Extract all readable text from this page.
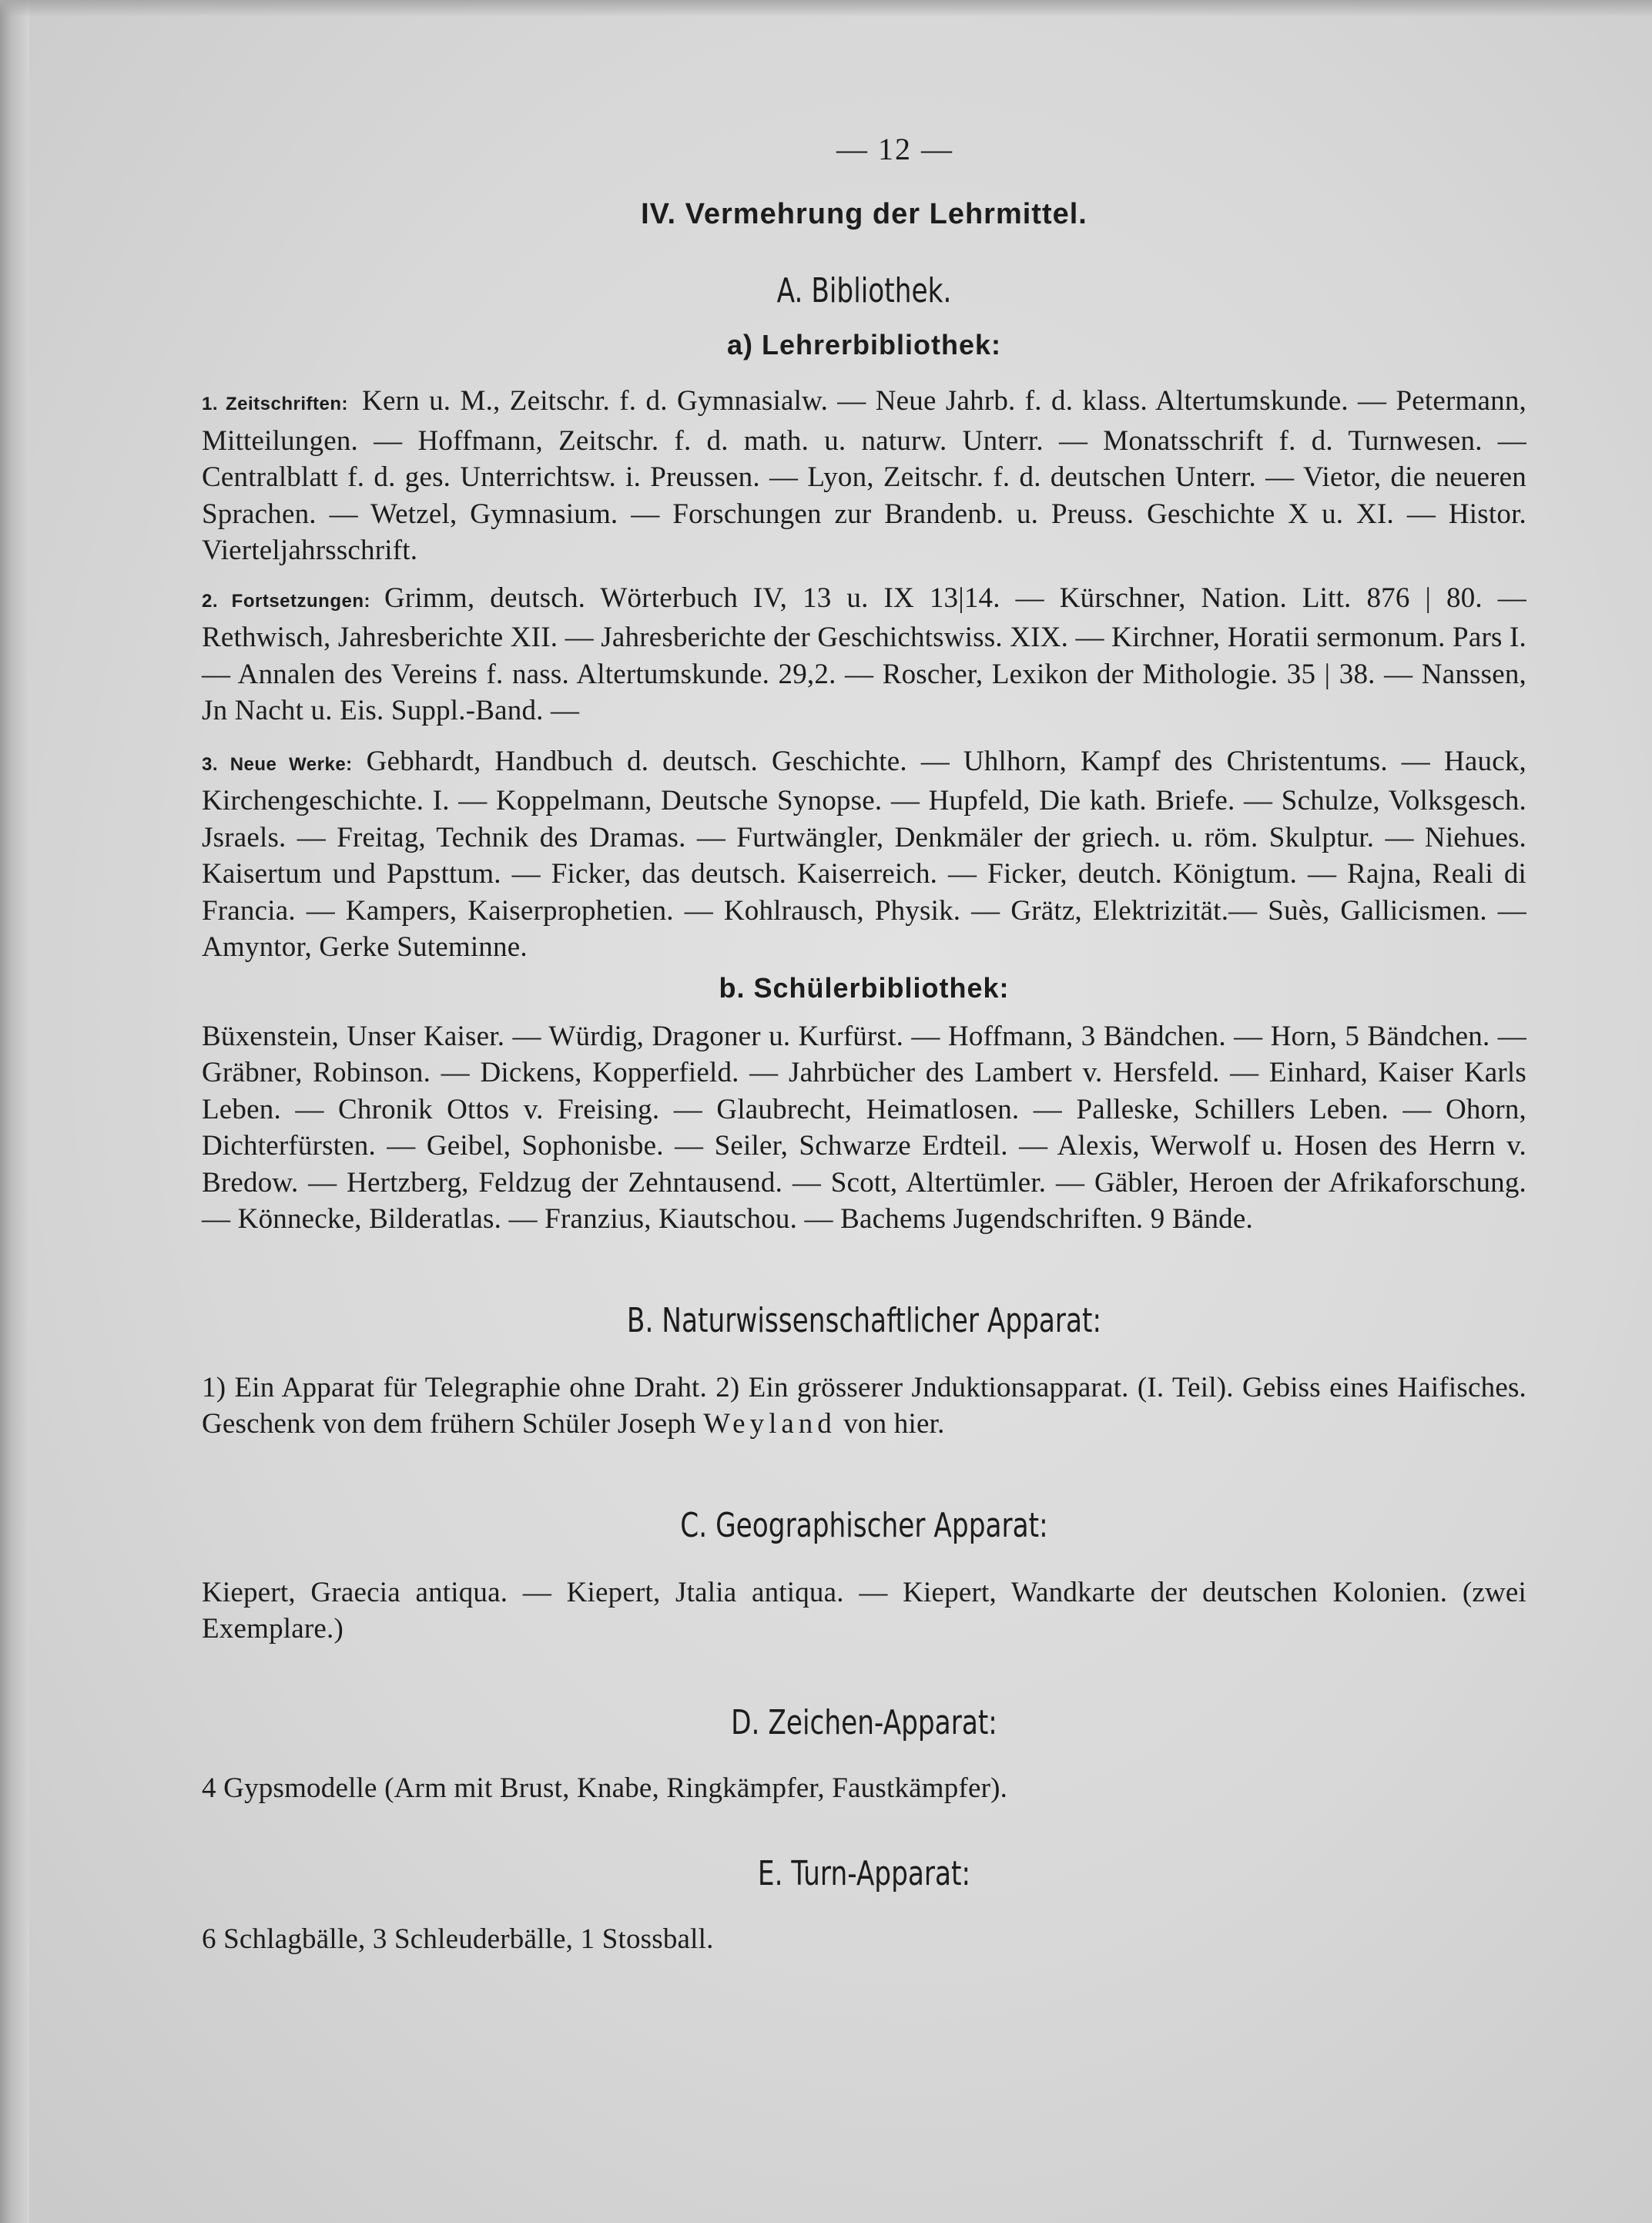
— 12 —
IV. Vermehrung der Lehrmittel.
A. Bibliothek.
a) Lehrerbibliothek:

1. Zeitschriften: Kern u. M., Zeitschr. f. d. Gymnasialw. — Neue Jahrb. f. d. klass. Altertumskunde. — Petermann, Mitteilungen. — Hoffmann, Zeitschr. f. d. math. u. naturw. Unterr. — Monatsschrift f. d. Turnwesen. — Centralblatt f. d. ges. Unterrichtsw. i. Preussen. — Lyon, Zeitschr. f. d. deutschen Unterr. — Vietor, die neueren Sprachen. — Wetzel, Gymnasium. — Forschungen zur Brandenb. u. Preuss. Geschichte X u. XI. — Histor. Vierteljahrsschrift.

2. Fortsetzungen: Grimm, deutsch. Wörterbuch IV, 13 u. IX 13|14. — Kürschner, Nation. Litt. 876 | 80. — Rethwisch, Jahresberichte XII. — Jahresberichte der Geschichtswiss. XIX. — Kirchner, Horatii sermonum. Pars I. — Annalen des Vereins f. nass. Altertumskunde. 29,2. — Roscher, Lexikon der Mithologie. 35 | 38. — Nanssen, Jn Nacht u. Eis. Suppl.-Band. —

3. Neue Werke: Gebhardt, Handbuch d. deutsch. Geschichte. — Uhlhorn, Kampf des Christentums. — Hauck, Kirchengeschichte. I. — Koppelmann, Deutsche Synopse. — Hupfeld, Die kath. Briefe. — Schulze, Volksgesch. Jsraels. — Freitag, Technik des Dramas. — Furtwängler, Denkmäler der griech. u. röm. Skulptur. — Niehues. Kaisertum und Papsttum. — Ficker, das deutsch. Kaiserreich. — Ficker, deutch. Königtum. — Rajna, Reali di Francia. — Kampers, Kaiserprophetien. — Kohlrausch, Physik. — Grätz, Elektrizität.— Suès, Gallicismen. — Amyntor, Gerke Suteminne.

b. Schülerbibliothek:

Büxenstein, Unser Kaiser. — Würdig, Dragoner u. Kurfürst. — Hoffmann, 3 Bändchen. — Horn, 5 Bändchen. — Gräbner, Robinson. — Dickens, Kopperfield. — Jahrbücher des Lambert v. Hersfeld. — Einhard, Kaiser Karls Leben. — Chronik Ottos v. Freising. — Glaubrecht, Heimatlosen. — Palleske, Schillers Leben. — Ohorn, Dichterfürsten. — Geibel, Sophonisbe. — Seiler, Schwarze Erdteil. — Alexis, Werwolf u. Hosen des Herrn v. Bredow. — Hertzberg, Feldzug der Zehntausend. — Scott, Altertümler. — Gäbler, Heroen der Afrikaforschung. — Könnecke, Bilderatlas. — Franzius, Kiautschou. — Bachems Jugendschriften. 9 Bände.

B. Naturwissenschaftlicher Apparat:

1) Ein Apparat für Telegraphie ohne Draht. 2) Ein grösserer Jnduktionsapparat. (I. Teil). Gebiss eines Haifisches. Geschenk von dem frühern Schüler Joseph Weyland von hier.

C. Geographischer Apparat:

Kiepert, Graecia antiqua. — Kiepert, Jtalia antiqua. — Kiepert, Wandkarte der deutschen Kolonien. (zwei Exemplare.)

D. Zeichen-Apparat:

4 Gypsmodelle (Arm mit Brust, Knabe, Ringkämpfer, Faustkämpfer).

E. Turn-Apparat:

6 Schlagbälle, 3 Schleuderbälle, 1 Stossball.
